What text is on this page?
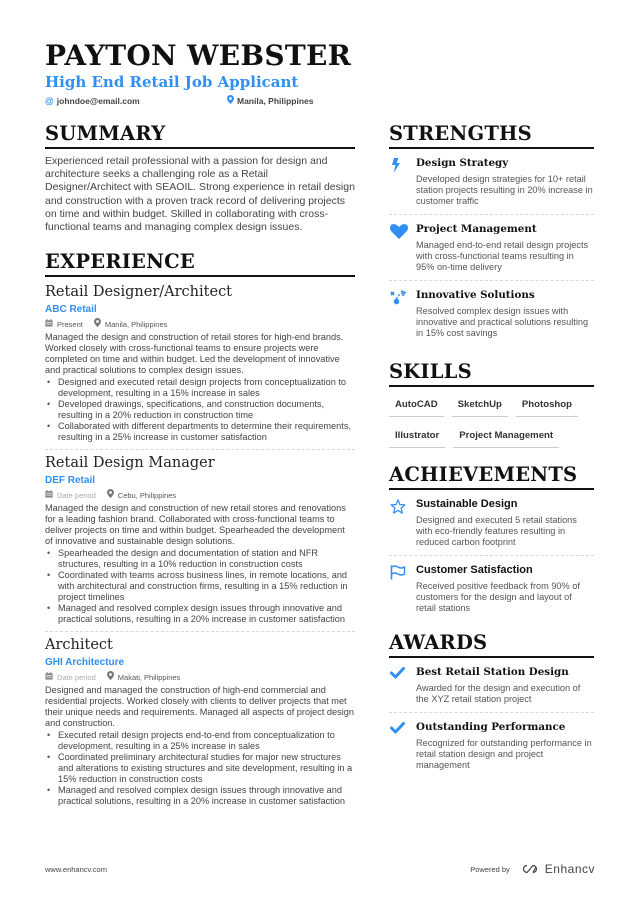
PAYTON WEBSTER
High End Retail Job Applicant
@ johndoe@email.com	Manila, Philippines
SUMMARY
Experienced retail professional with a passion for design and architecture seeks a challenging role as a Retail Designer/Architect with SEAOIL. Strong experience in retail design and construction with a proven track record of delivering projects on time and within budget. Skilled in collaborating with cross-functional teams and managing complex design issues.
EXPERIENCE
Retail Designer/Architect
ABC Retail
Present	Manila, Philippines
Managed the design and construction of retail stores for high-end brands. Worked closely with cross-functional teams to ensure projects were completed on time and within budget. Led the development of innovative and practical solutions to complex design issues.
• Designed and executed retail design projects from conceptualization to development, resulting in a 15% increase in sales
• Developed drawings, specifications, and construction documents, resulting in a 20% reduction in construction time
• Collaborated with different departments to determine their requirements, resulting in a 25% increase in customer satisfaction
Retail Design Manager
DEF Retail
Date period	Cebu, Philippines
Managed the design and construction of new retail stores and renovations for a leading fashion brand. Collaborated with cross-functional teams to deliver projects on time and within budget. Spearheaded the development of innovative and sustainable design solutions.
• Spearheaded the design and documentation of station and NFR structures, resulting in a 10% reduction in construction costs
• Coordinated with teams across business lines, in remote locations, and with architectural and construction firms, resulting in a 15% reduction in project timelines
• Managed and resolved complex design issues through innovative and practical solutions, resulting in a 20% increase in customer satisfaction
Architect
GHI Architecture
Date period	Makati, Philippines
Designed and managed the construction of high-end commercial and residential projects. Worked closely with clients to deliver projects that met their unique needs and requirements. Managed all aspects of project design and construction.
• Executed retail design projects end-to-end from conceptualization to development, resulting in a 25% increase in sales
• Coordinated preliminary architectural studies for major new structures and alterations to existing structures and site development, resulting in a 15% reduction in construction costs
• Managed and resolved complex design issues through innovative and practical solutions, resulting in a 20% increase in customer satisfaction
STRENGTHS
Design Strategy
Developed design strategies for 10+ retail station projects resulting in 20% increase in customer traffic
Project Management
Managed end-to-end retail design projects with cross-functional teams resulting in 95% on-time delivery
Innovative Solutions
Resolved complex design issues with innovative and practical solutions resulting in 15% cost savings
SKILLS
AutoCAD	SketchUp	Photoshop
Illustrator	Project Management
ACHIEVEMENTS
Sustainable Design
Designed and executed 5 retail stations with eco-friendly features resulting in reduced carbon footprint
Customer Satisfaction
Received positive feedback from 90% of customers for the design and layout of retail stations
AWARDS
Best Retail Station Design
Awarded for the design and execution of the XYZ retail station project
Outstanding Performance
Recognized for outstanding performance in retail station design and project management
www.enhancv.com	Powered by	Enhancv
